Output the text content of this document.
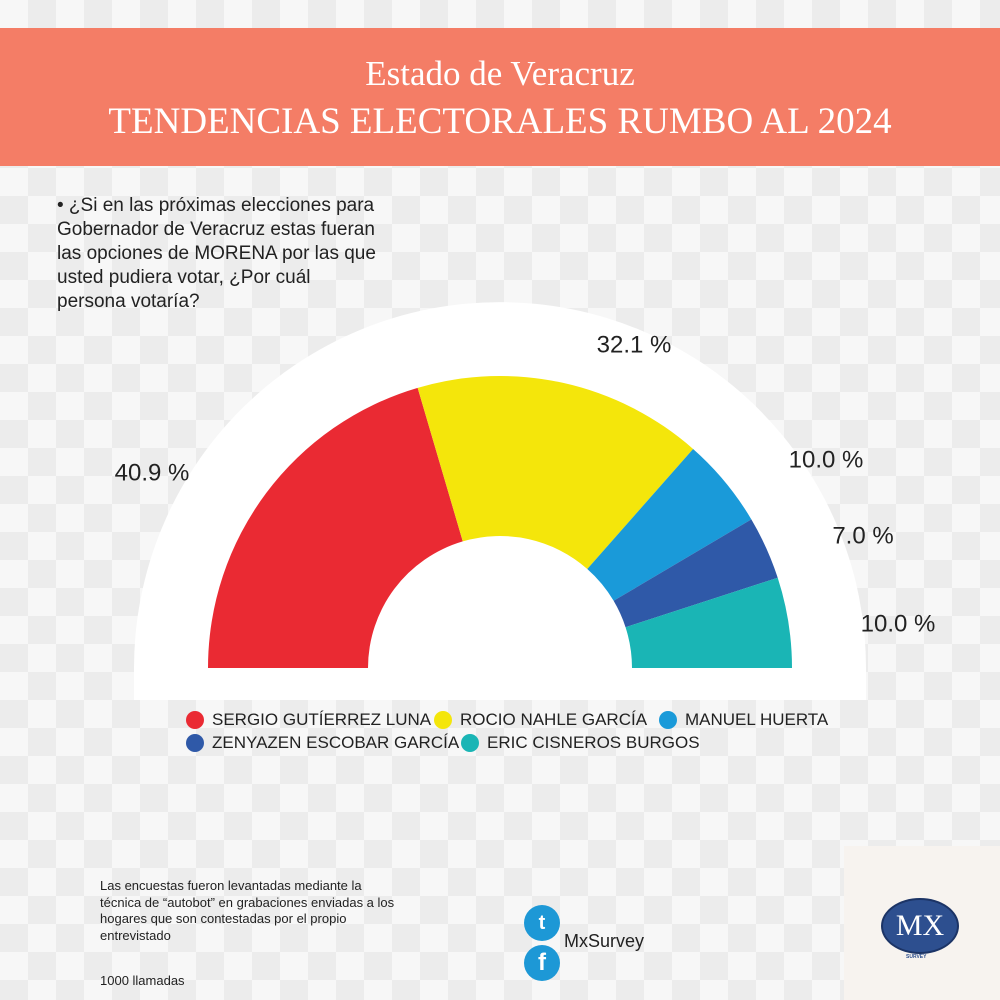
Estado de Veracruz
TENDENCIAS ELECTORALES RUMBO AL 2024
• ¿Si en las próximas elecciones para Gobernador de Veracruz estas fueran las opciones de MORENA por las que usted pudiera votar, ¿Por cuál persona votaría?
40.9 %
32.1 %
10.0 %
7.0 %
10.0 %
SERGIO GUTÍERREZ LUNA ROCIO NAHLE GARCÍA MANUEL HUERTA
ZENYAZEN ESCOBAR GARCÍA ERIC CISNEROS BURGOS
Las encuestas fueron levantadas mediante la técnica de “autobot” en grabaciones enviadas a los hogares que son contestadas por el propio entrevistado
1000 llamadas
t
f
MxSurvey	MX
SURVEY
